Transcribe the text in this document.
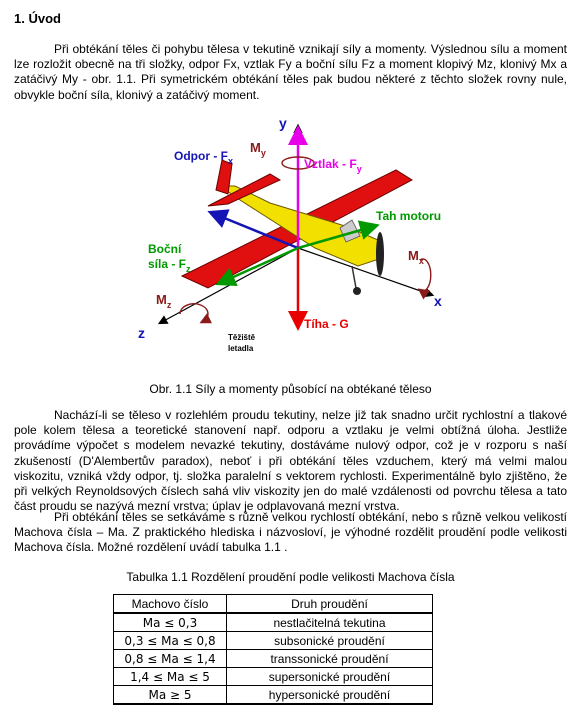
1. Úvod
Při obtékání těles či pohybu tělesa v tekutině vznikají síly a momenty. Výslednou sílu a moment lze rozložit obecně na tři složky, odpor Fx, vztlak Fy a boční sílu Fz a moment klopivý Mz, klonivý Mx a zatáčivý My - obr. 1.1. Při symetrickém obtékání těles pak budou některé z těchto složek rovny nule, obvykle boční síla, klonivý a zatáčivý moment.
Odpor - $F_x$
$M_y$
y
Vztlak - $F_y$
Tah motoru
Boční
síla - $F_z$
$M_x$
$M_z$	x
z
Tíha - G
Těžiště
letadla
Obr. 1.1 Síly a momenty působící na obtékané těleso
Nachází-li se těleso v rozlehlém proudu tekutiny, nelze již tak snadno určit rychlostní a tlakové pole kolem tělesa a teoretické stanovení např. odporu a vztlaku je velmi obtížná úloha. Jestliže provádíme výpočet s modelem nevazké tekutiny, dostáváme nulový odpor, což je v rozporu s naší zkušeností (D'Alembertův paradox), neboť i při obtékání těles vzduchem, který má velmi malou viskozitu, vzniká vždy odpor, tj. složka paralelní s vektorem rychlosti. Experimentálně bylo zjištěno, že při velkých Reynoldsových číslech sahá vliv viskozity jen do malé vzdálenosti od povrchu tělesa a tato část proudu se nazývá mezní vrstva; úplav je odplavovaná mezní vrstva.
Při obtékání těles se setkáváme s různě velkou rychlostí obtékání, nebo s různě velkou velikostí Machova čísla – Ma. Z praktického hlediska i názvosloví, je výhodné rozdělit proudění podle velikosti Machova čísla. Možné rozdělení uvádí tabulka 1.1 .
Tabulka 1.1 Rozdělení proudění podle velikosti Machova čísla
Machovo číslo	Druh proudění
Ma ≤ 0,3	nestlačitelná tekutina
0,3 ≤ Ma ≤ 0,8	subsonické proudění
0,8 ≤ Ma ≤ 1,4	transsonické proudění
1,4 ≤ Ma ≤ 5	supersonické proudění
Ma ≥ 5	hypersonické proudění
